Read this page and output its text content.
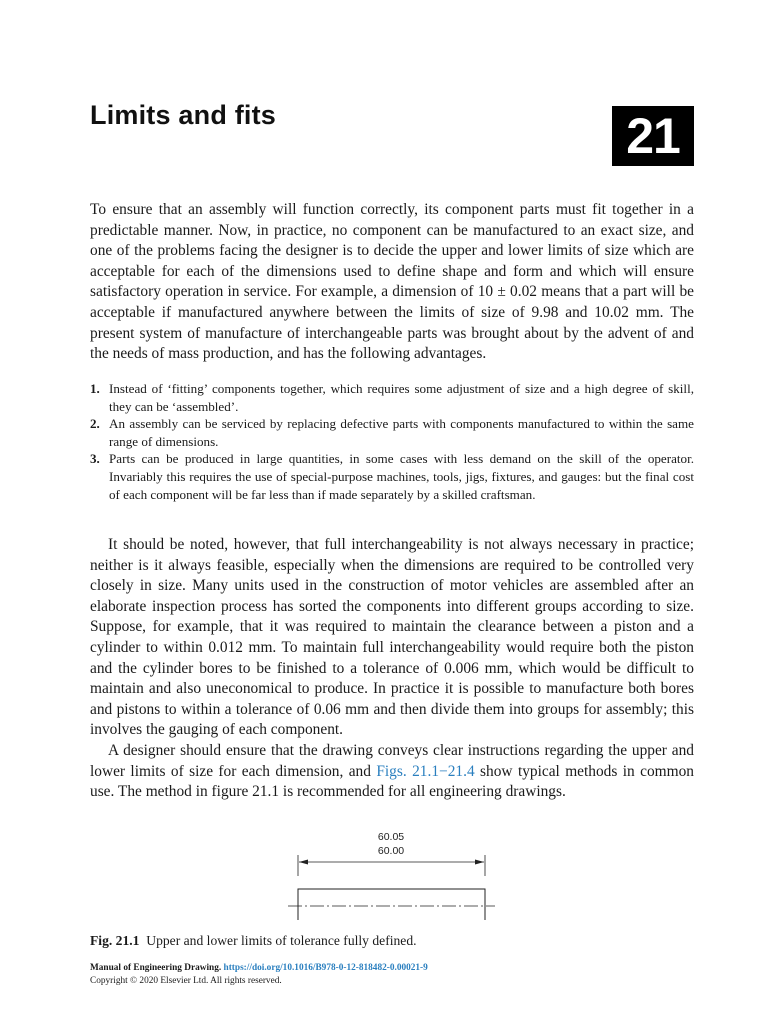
Limits and fits	21

To ensure that an assembly will function correctly, its component parts must fit together in a predictable manner. Now, in practice, no component can be manufactured to an exact size, and one of the problems facing the designer is to decide the upper and lower limits of size which are acceptable for each of the dimensions used to define shape and form and which will ensure satisfactory operation in service. For example, a dimension of 10 ± 0.02 means that a part will be acceptable if manufactured anywhere between the limits of size of 9.98 and 10.02 mm. The present system of manufacture of interchangeable parts was brought about by the advent of and the needs of mass production, and has the following advantages.

1. Instead of ‘fitting’ components together, which requires some adjustment of size and a high degree of skill, they can be ‘assembled’.
2. An assembly can be serviced by replacing defective parts with components manufactured to within the same range of dimensions.
3. Parts can be produced in large quantities, in some cases with less demand on the skill of the operator. Invariably this requires the use of special-purpose machines, tools, jigs, fixtures, and gauges: but the final cost of each component will be far less than if made separately by a skilled craftsman.

It should be noted, however, that full interchangeability is not always necessary in practice; neither is it always feasible, especially when the dimensions are required to be controlled very closely in size. Many units used in the construction of motor vehicles are assembled after an elaborate inspection process has sorted the components into different groups according to size. Suppose, for example, that it was required to maintain the clearance between a piston and a cylinder to within 0.012 mm. To maintain full interchangeability would require both the piston and the cylinder bores to be finished to a tolerance of 0.006 mm, which would be difficult to maintain and also uneconomical to produce. In practice it is possible to manufacture both bores and pistons to within a tolerance of 0.06 mm and then divide them into groups for assembly; this involves the gauging of each component.

A designer should ensure that the drawing conveys clear instructions regarding the upper and lower limits of size for each dimension, and Figs. 21.1−21.4 show typical methods in common use. The method in figure 21.1 is recommended for all engineering drawings.

60.05
60.00

Fig. 21.1 Upper and lower limits of tolerance fully defined.

Manual of Engineering Drawing. https://doi.org/10.1016/B978-0-12-818482-0.00021-9
Copyright © 2020 Elsevier Ltd. All rights reserved.
